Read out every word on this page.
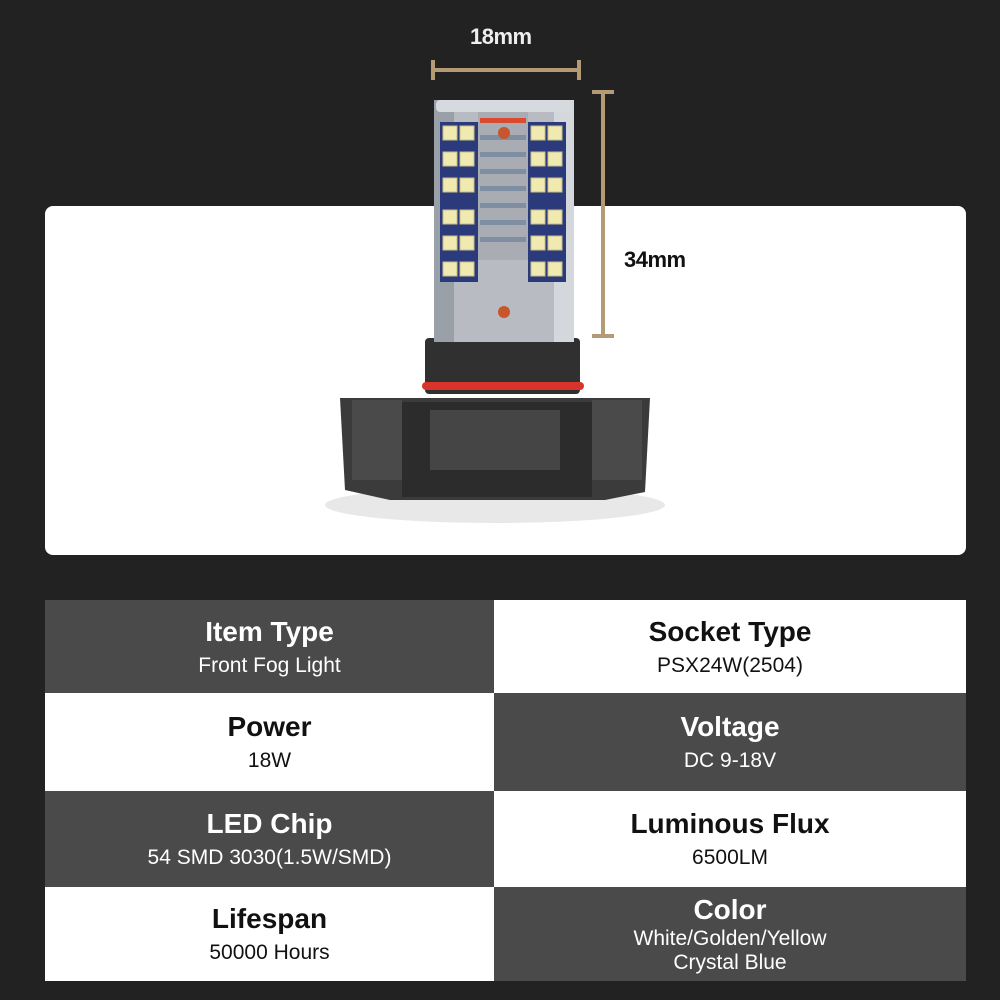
18mm
34mm
Item Type
Front Fog Light
Socket Type
PSX24W(2504)
Power
18W
Voltage
DC 9-18V
LED Chip
54 SMD 3030(1.5W/SMD)
Luminous Flux
6500LM
Lifespan
50000 Hours
Color
White/Golden/Yellow
Crystal Blue
